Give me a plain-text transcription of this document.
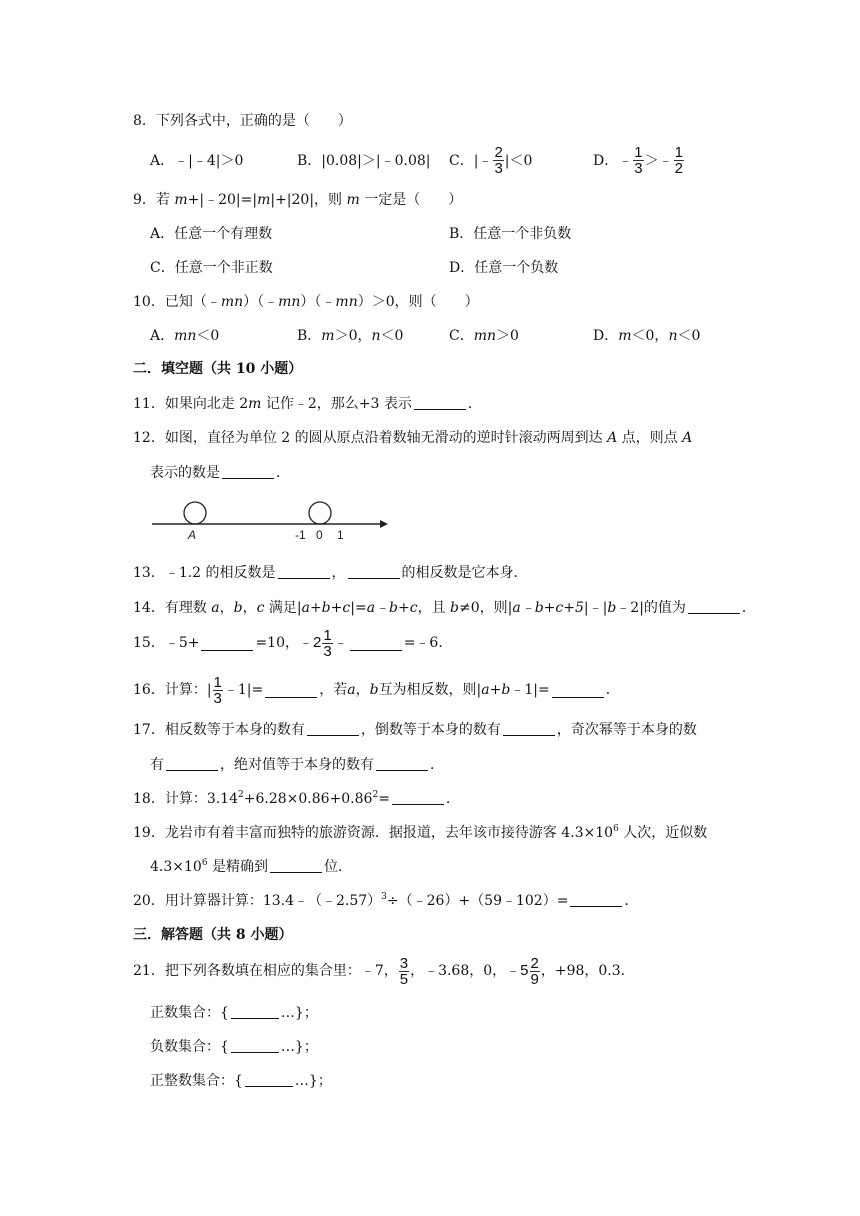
8．下列各式中，正确的是（　　）
A．﹣|﹣4|＞0	B．|0.08|＞|﹣0.08| C．|﹣ $\frac{2}{3} |<0$	D．﹣ $\frac{1}{3}$ ＞﹣ $\frac{1}{2}$
9．若 m+|﹣20|=|m|+|20|，则 m 一定是（　　）
A．任意一个有理数	B．任意一个非负数
C．任意一个非正数	D．任意一个负数
10．已知（﹣mn）（﹣mn）（﹣mn）＞0，则（　　）
A．mn＜0	B．m＞0，n＜0	C．mn＞0	D．m＜0，n＜0
二．填空题（共 10 小题）
11．如果向北走 2m 记作﹣2，那么+3 表示	．
12．如图，直径为单位 2 的圆从原点沿着数轴无滑动的逆时针滚动两周到达 A 点，则点 A
表示的数是	．
A	-1 0 1
13．﹣1.2 的相反数是	，	的相反数是它本身．
14．有理数 a，b，c 满足|a+b+c|=a﹣b+c，且 b≠0，则|a﹣b+c+5|﹣|b﹣2|的值为	．
15．﹣5+	=10，﹣ $2 \frac{1}{3}$ ﹣	=﹣6．
16．计算：| $\frac{1}{3}$ ﹣1|=	，若 a ， b 互为相反数，则| a+b ﹣1|=	．
17．相反数等于本身的数有	，倒数等于本身的数有	，奇次幂等于本身的数
有	，绝对值等于本身的数有	．
18．计算：$3.14^2+6.28\times 0.86+0.86^2=$	．
19．龙岩市有着丰富而独特的旅游资源．据报道，去年该市接待游客 $4.3\times 10^6$ 人次，近似数
$4.3\times 10^6$ 是精确到	位．
20．用计算器计算：13.4﹣（﹣2.57）$^3$÷（﹣26）+（59﹣102）=	．
三．解答题（共 8 小题）
21．把下列各数填在相应的集合里：﹣7， $\frac{3}{5}$ ，﹣3.68，0，﹣ $5 \frac{2}{9}$ ，+98，0.3．
正数集合：{	…}；
负数集合：{	…}；
正整数集合：{	…}；
